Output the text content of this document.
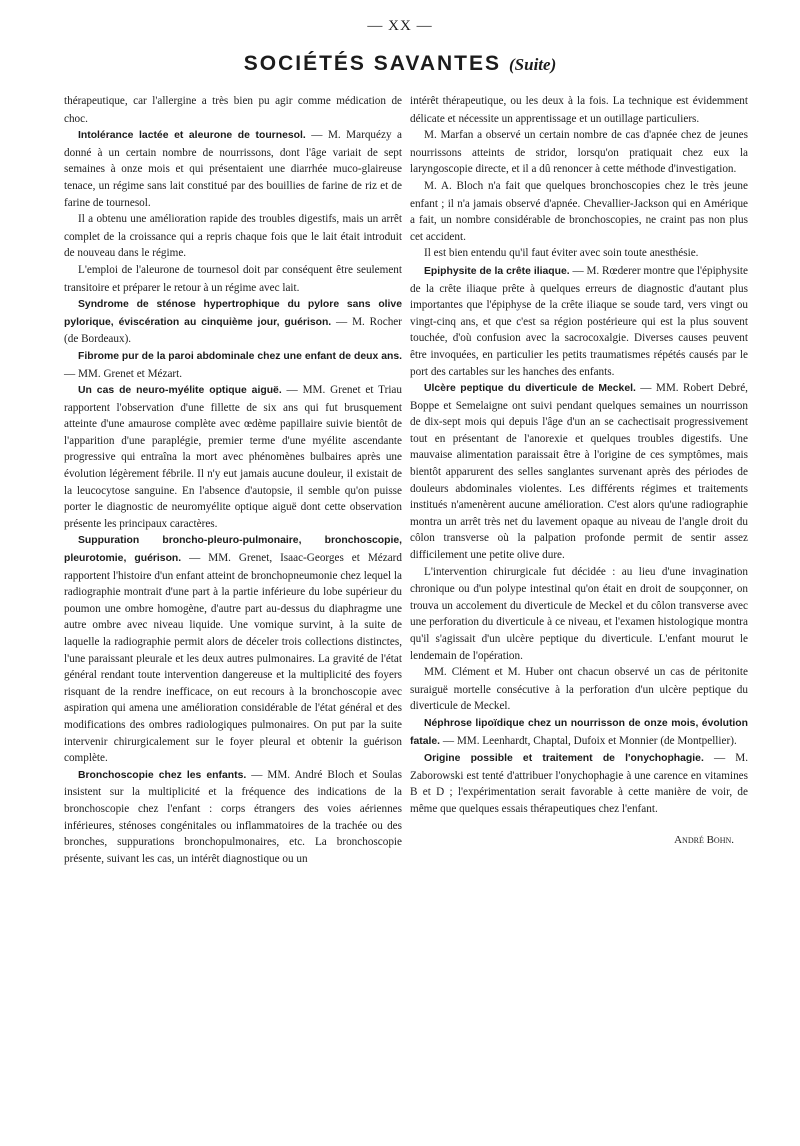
— XX —
SOCIÉTÉS SAVANTES (Suite)

thérapeutique, car l'allergine a très bien pu agir comme médication de choc.

Intolérance lactée et aleurone de tournesol. — M. Marquézy a donné à un certain nombre de nourrissons, dont l'âge variait de sept semaines à onze mois et qui présentaient une diarrhée muco-glaireuse tenace, un régime sans lait constitué par des bouillies de farine de riz et de farine de tournesol.

Il a obtenu une amélioration rapide des troubles digestifs, mais un arrêt complet de la croissance qui a repris chaque fois que le lait était introduit de nouveau dans le régime.

L'emploi de l'aleurone de tournesol doit par conséquent être seulement transitoire et préparer le retour à un régime avec lait.

Syndrome de sténose hypertrophique du pylore sans olive pylorique, éviscération au cinquième jour, guérison. — M. Rocher (de Bordeaux).

Fibrome pur de la paroi abdominale chez une enfant de deux ans. — MM. Grenet et Mézart.

Un cas de neuro-myélite optique aiguë. — MM. Grenet et Triau rapportent l'observation d'une fillette de six ans qui fut brusquement atteinte d'une amaurose complète avec œdème papillaire suivie bientôt de l'apparition d'une paraplégie, premier terme d'une myélite ascendante progressive qui entraîna la mort avec phénomènes bulbaires après une évolution légèrement fébrile. Il n'y eut jamais aucune douleur, il existait de la leucocytose sanguine. En l'absence d'autopsie, il semble qu'on puisse porter le diagnostic de neuromyélite optique aiguë dont cette observation présente les principaux caractères.

Suppuration broncho-pleuro-pulmonaire, bronchoscopie, pleurotomie, guérison. — MM. Grenet, Isaac-Georges et Mézard rapportent l'histoire d'un enfant atteint de bronchopneumonie chez lequel la radiographie montrait d'une part à la partie inférieure du lobe supérieur du poumon une ombre homogène, d'autre part au-dessus du diaphragme une autre ombre avec niveau liquide. Une vomique survint, à la suite de laquelle la radiographie permit alors de déceler trois collections distinctes, l'une paraissant pleurale et les deux autres pulmonaires. La gravité de l'état général rendant toute intervention dangereuse et la multiplicité des foyers risquant de la rendre inefficace, on eut recours à la bronchoscopie avec aspiration qui amena une amélioration considérable de l'état général et des modifications des ombres radiologiques pulmonaires. On put par la suite intervenir chirurgicalement sur le foyer pleural et obtenir la guérison complète.

Bronchoscopie chez les enfants. — MM. André Bloch et Soulas insistent sur la multiplicité et la fréquence des indications de la bronchoscopie chez l'enfant : corps étrangers des voies aériennes inférieures, sténoses congénitales ou inflammatoires de la trachée ou des bronches, suppurations bronchopulmonaires, etc. La bronchoscopie présente, suivant les cas, un intérêt diagnostique ou un

intérêt thérapeutique, ou les deux à la fois. La technique est évidemment délicate et nécessite un apprentissage et un outillage particuliers.

M. Marfan a observé un certain nombre de cas d'apnée chez de jeunes nourrissons atteints de stridor, lorsqu'on pratiquait chez eux la laryngoscopie directe, et il a dû renoncer à cette méthode d'investigation.

M. A. Bloch n'a fait que quelques bronchoscopies chez le très jeune enfant ; il n'a jamais observé d'apnée. Chevallier-Jackson qui en Amérique a fait, un nombre considérable de bronchoscopies, ne craint pas non plus cet accident.

Il est bien entendu qu'il faut éviter avec soin toute anesthésie.

Epiphysite de la crête iliaque. — M. Rœderer montre que l'épiphysite de la crête iliaque prête à quelques erreurs de diagnostic d'autant plus importantes que l'épiphyse de la crête iliaque se soude tard, vers vingt ou vingt-cinq ans, et que c'est sa région postérieure qui est la plus souvent touchée, d'où confusion avec la sacrocoxalgie. Diverses causes peuvent être invoquées, en particulier les petits traumatismes répétés causés par le port des cartables sur les hanches des enfants.

Ulcère peptique du diverticule de Meckel. — MM. Robert Debré, Boppe et Semelaigne ont suivi pendant quelques semaines un nourrisson de dix-sept mois qui depuis l'âge d'un an se cachectisait progressivement tout en présentant de l'anorexie et quelques troubles digestifs. Une mauvaise alimentation paraissait être à l'origine de ces symptômes, mais bientôt apparurent des selles sanglantes survenant après des périodes de douleurs abdominales violentes. Les différents régimes et traitements institués n'amenèrent aucune amélioration. C'est alors qu'une radiographie montra un arrêt très net du lavement opaque au niveau de l'angle droit du côlon transverse où la palpation profonde permit de sentir assez difficilement une petite olive dure.

L'intervention chirurgicale fut décidée : au lieu d'une invagination chronique ou d'un polype intestinal qu'on était en droit de soupçonner, on trouva un accolement du diverticule de Meckel et du côlon transverse avec une perforation du diverticule à ce niveau, et l'examen histologique montra qu'il s'agissait d'un ulcère peptique du diverticule. L'enfant mourut le lendemain de l'opération.

MM. Clément et M. Huber ont chacun observé un cas de péritonite suraiguë mortelle consécutive à la perforation d'un ulcère peptique du diverticule de Meckel.

Néphrose lipoïdique chez un nourrisson de onze mois, évolution fatale. — MM. Leenhardt, Chaptal, Dufoix et Monnier (de Montpellier).

Origine possible et traitement de l'onychophagie. — M. Zaborowski est tenté d'attribuer l'onychophagie à une carence en vitamines B et D ; l'expérimentation serait favorable à cette manière de voir, de même que quelques essais thérapeutiques chez l'enfant.

André Bohn.
